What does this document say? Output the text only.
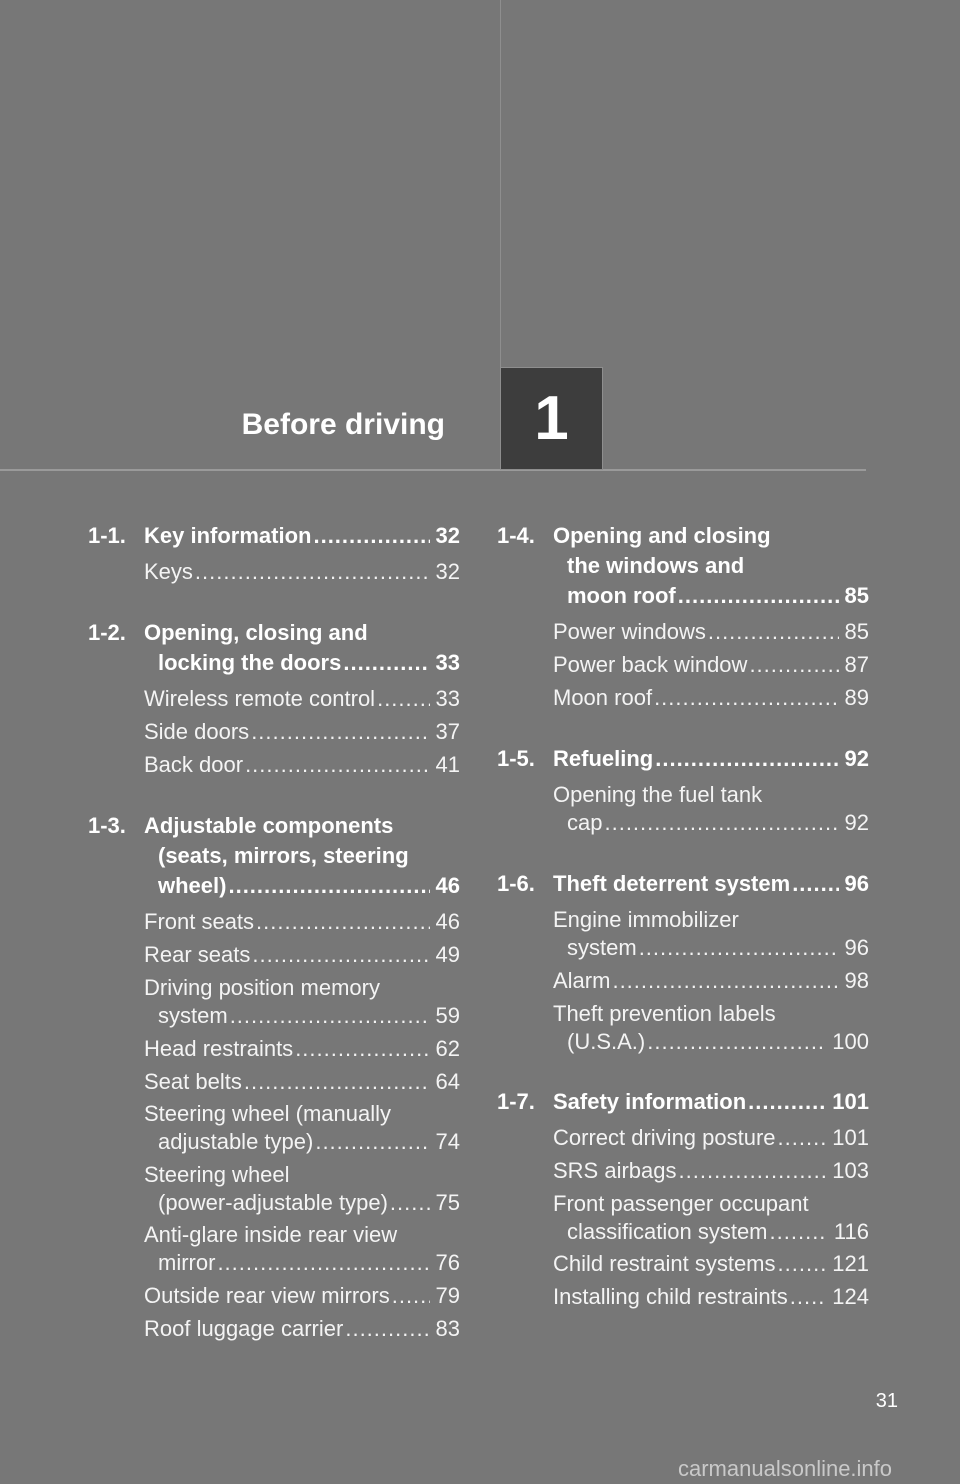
Before driving 1
1-1. Key information .....	32
Keys .....	32
1-2. Opening, closing and
locking the doors .....	33
Wireless remote control .....	33
Side doors .....	37
Back door .....	41
1-3. Adjustable components
(seats, mirrors, steering
wheel) .....	46
Front seats .....	46
Rear seats .....	49
Driving position memory
system .....	59
Head restraints .....	62
Seat belts .....	64
Steering wheel (manually
adjustable type) .....	74
Steering wheel
(power-adjustable type) ..... 75
Anti-glare inside rear view
mirror .....	76
Outside rear view mirrors ..... 79
Roof luggage carrier .....	83
1-4. Opening and closing
the windows and
moon roof .....	85
Power windows .....	85
Power back window .....	87
Moon roof .....	89
1-5. Refueling .....	92
Opening the fuel tank
cap .....	92
1-6. Theft deterrent system ..... 96
Engine immobilizer
system .....	96
Alarm .....	98
Theft prevention labels
(U.S.A.) .....	100
1-7. Safety information .....	101
Correct driving posture .....	101
SRS airbags .....	103
Front passenger occupant
classification system .....	116
Child restraint systems .....	121
Installing child restraints ..... 124
31
carmanualsonline.info
